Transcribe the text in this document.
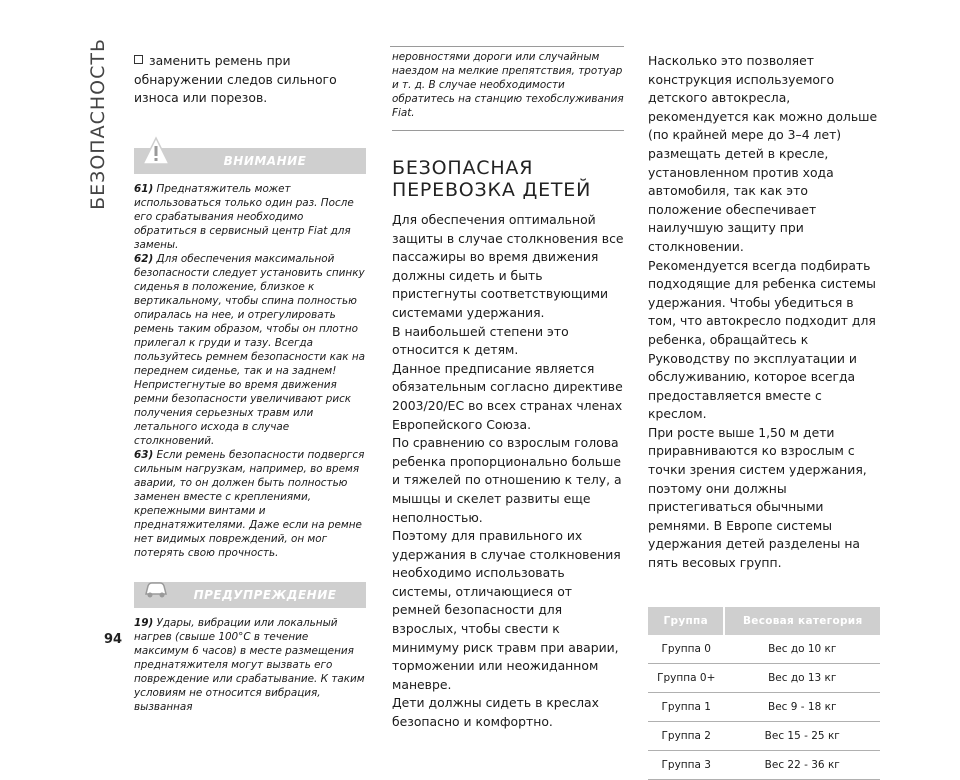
БЕЗОПАСНОСТЬ
94

заменить ремень при обнаружении следов сильного износа или порезов.

ВНИМАНИЕ

61) Преднатяжитель может использоваться только один раз. После его срабатывания необходимо обратиться в сервисный центр Fiat для замены.

62) Для обеспечения максимальной безопасности следует установить спинку сиденья в положение, близкое к вертикальному, чтобы спина полностью опиралась на нее, и отрегулировать ремень таким образом, чтобы он плотно прилегал к груди и тазу. Всегда пользуйтесь ремнем безопасности как на переднем сиденье, так и на заднем! Непристегнутые во время движения ремни безопасности увеличивают риск получения серьезных травм или летального исхода в случае столкновений.

63) Если ремень безопасности подвергся сильным нагрузкам, например, во время аварии, то он должен быть полностью заменен вместе с креплениями, крепежными винтами и преднатяжителями. Даже если на ремне нет видимых повреждений, он мог потерять свою прочность.

ПРЕДУПРЕЖДЕНИЕ

19) Удары, вибрации или локальный нагрев (свыше 100°C в течение максимум 6 часов) в месте размещения преднатяжителя могут вызвать его повреждение или срабатывание. К таким условиям не относится вибрация, вызванная

неровностями дороги или случайным наездом на мелкие препятствия, тротуар и т. д. В случае необходимости обратитесь на станцию техобслуживания Fiat.

БЕЗОПАСНАЯ
ПЕРЕВОЗКА ДЕТЕЙ

Для обеспечения оптимальной защиты в случае столкновения все пассажиры во время движения должны сидеть и быть пристегнуты соответствующими системами удержания.

В наибольшей степени это относится к детям.

Данное предписание является обязательным согласно директиве 2003/20/ЕС во всех странах членах Европейского Союза.

По сравнению со взрослым голова ребенка пропорционально больше и тяжелей по отношению к телу, а мышцы и скелет развиты еще неполностью.

Поэтому для правильного их удержания в случае столкновения необходимо использовать системы, отличающиеся от ремней безопасности для взрослых, чтобы свести к минимуму риск травм при аварии, торможении или неожиданном маневре.

Дети должны сидеть в креслах безопасно и комфортно.

Насколько это позволяет конструкция используемого детского автокресла, рекомендуется как можно дольше (по крайней мере до 3–4 лет) размещать детей в кресле, установленном против хода автомобиля, так как это положение обеспечивает наилучшую защиту при столкновении.

Рекомендуется всегда подбирать подходящие для ребенка системы удержания. Чтобы убедиться в том, что автокресло подходит для ребенка, обращайтесь к Руководству по эксплуатации и обслуживанию, которое всегда предоставляется вместе с креслом.

При росте выше 1,50 м дети приравниваются ко взрослым с точки зрения систем удержания, поэтому они должны пристегиваться обычными ремнями. В Европе системы удержания детей разделены на пять весовых групп.

Группа	Весовая категория
Группа 0	Вес до 10 кг
Группа 0+	Вес до 13 кг
Группа 1	Вес 9 - 18 кг
Группа 2	Вес 15 - 25 кг
Группа 3	Вес 22 - 36 кг
